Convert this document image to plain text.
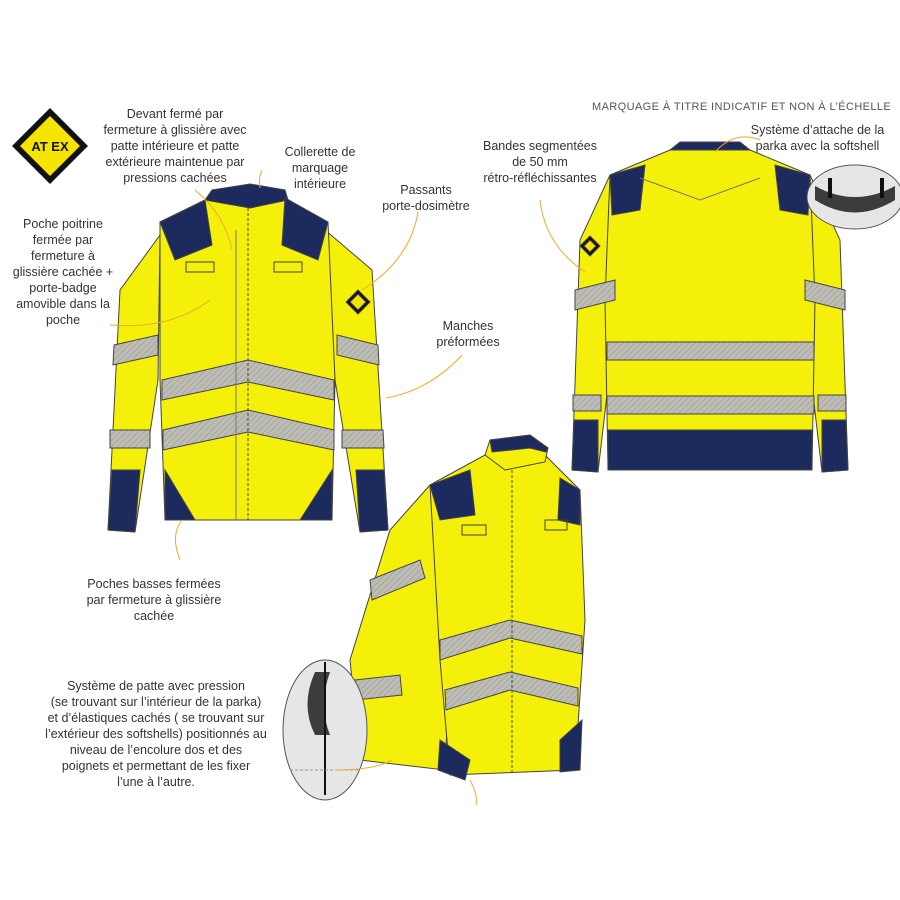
AT EX
MARQUAGE À TITRE INDICATIF ET NON À L’ÉCHELLE
Devant fermé par
fermeture à glissière avec
patte intérieure et patte
extérieure maintenue par
pressions cachées
Collerette de
marquage
intérieure	Passants
porte-dosimètre
Poche poitrine
fermée par
fermeture à
glissière cachée +
porte-badge
amovible dans la
poche	Manches
préformées
Poches basses fermées
par fermeture à glissière
cachée
Bandes segmentées
de 50 mm
rétro-réfléchissantes
Système d’attache de la
parka avec la softshell
Système de patte avec pression
(se trouvant sur l’intérieur de la parka)
et d’élastiques cachés ( se trouvant sur
l’extérieur des softshells) positionnés au
niveau de l’encolure dos et des
poignets et permettant de les fixer
l’une à l’autre.
